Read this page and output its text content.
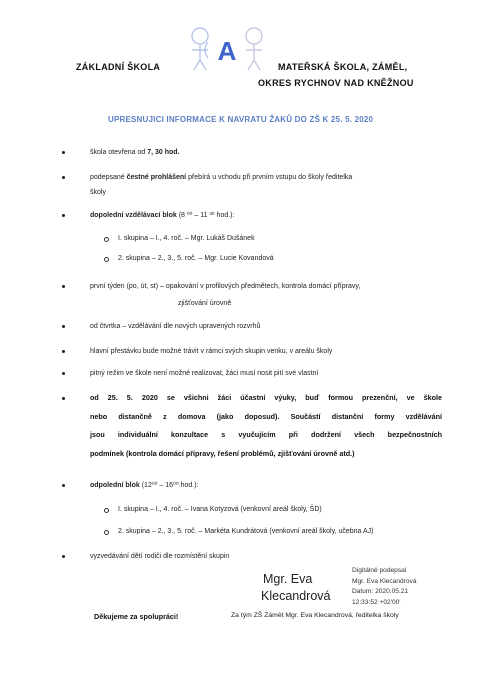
ZÁKLADNÍ ŠKOLA
A
MATEŘSKÁ ŠKOLA, ZÁMĚL,
OKRES RYCHNOV NAD KNĚŽNOU
UPRESNUJICI INFORMACE K NAVRATU ŽAKŮ DO ZŠ K 25. 5. 2020
škola otevřena od 7, 30 hod.
podepsané čestné prohlášení přebírá u vchodu při prvním vstupu do školy ředitelka
školy
dopolední vzdělávací blok (8 ⁰⁰ – 11 ³⁰ hod.):
I. skupina – I., 4. roč. – Mgr. Lukáš Dušánek
2. skupina – 2., 3., 5. roč. – Mgr. Lucie Kovandová
první týden (po, út, st) – opakování v profilových předmětech, kontrola domácí přípravy,
zjišťování úrovně
od čtvrtka – vzdělávání dle nových upravených rozvrhů
hlavní přestávku bude možné trávit v rámci svých skupin venku, v areálu školy
pitný režim ve škole není možné realizovat, žáci musí nosit pití své vlastní
od 25. 5. 2020 se všichni žáci účastní výuky, buď formou prezenční, ve škole
nebo distančně z domova (jako doposud). Součástí distanční formy vzdělávání
jsou individuální konzultace s vyučujícím při dodržení všech bezpečnostních
podmínek (kontrola domácí přípravy, řešení problémů, zjišťování úrovně atd.)
odpolední blok (12⁰⁰ – 16⁰⁰ hod.):
I. skupina – I., 4. roč. – Ivana Kotyzová (venkovní areál školy, ŠD)
2. skupina – 2., 3., 5. roč. – Markéta Kundrátová (venkovní areál školy, učebna AJ)
vyzvedávání dětí rodiči dle rozmístění skupin
Mgr. Eva
Klecandrová
Digitálně podepsal
Mgr. Eva Klecandrová
Datum: 2020.05.21
12:33:52 +02'00'
Děkujeme za spolupráci!	Za tým ZŠ Zámět Mgr. Eva Klecandrová, ředitelka školy
